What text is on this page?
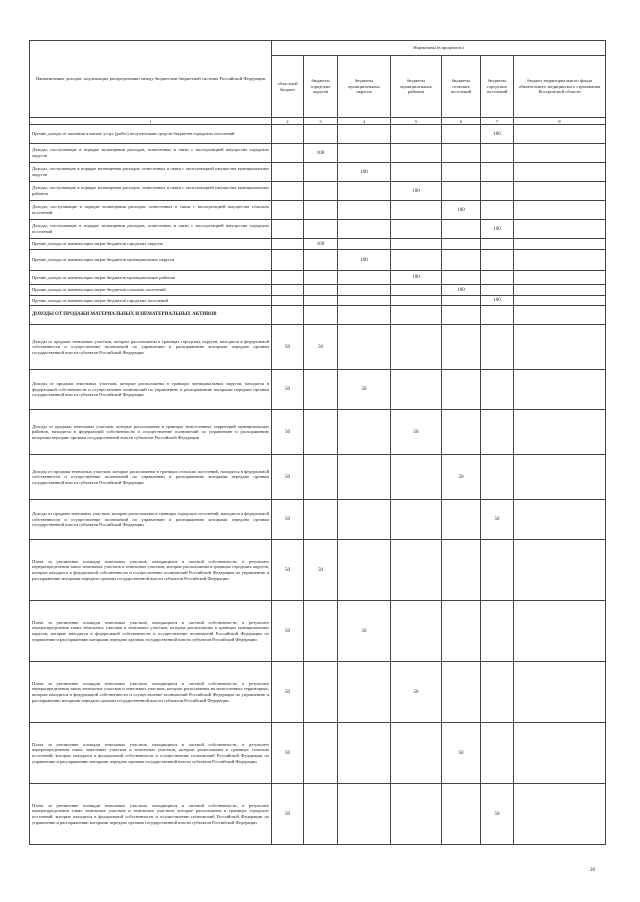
Наименование доходов, подлежащих распределению между бюджетами бюджетной системы Российской Федерации	Нормативы (в процентах)						
	областной бюджет	бюджеты городских округов	бюджеты муниципальных округов	бюджеты муниципальных районов	бюджеты сельских поселений	бюджеты городских поселений	бюджет территориального фонда обязательного медицинского страхования Костромской области
1	2	3	4	5	6	7	8
Прочие доходы от оказания платных услуг (работ) получателями средств бюджетов городских поселений						100	
Доходы, поступающие в порядке возмещения расходов, понесенных в связи с эксплуатацией имущества городских округов		100					
Доходы, поступающие в порядке возмещения расходов, понесенных в связи с эксплуатацией имущества муниципальных округов			100				
Доходы, поступающие в порядке возмещения расходов, понесенных в связи с эксплуатацией имущества муниципальных районов				100			
Доходы, поступающие в порядке возмещения расходов, понесенных в связи с эксплуатацией имущества сельских поселений					100		
Доходы, поступающие в порядке возмещения расходов, понесенных в связи с эксплуатацией имущества городских поселений						100	
Прочие доходы от компенсации затрат бюджетов городских округов		100					
Прочие доходы от компенсации затрат бюджетов муниципальных округов			100				
Прочие доходы от компенсации затрат бюджетов муниципальных районов				100			
Прочие доходы от компенсации затрат бюджетов сельских поселений					100		
Прочие доходы от компенсации затрат бюджетов городских поселений						100	
ДОХОДЫ ОТ ПРОДАЖИ МАТЕРИАЛЬНЫХ И НЕМАТЕРИАЛЬНЫХ АКТИВОВ							
Доходы от продажи земельных участков, которые расположены в границах городских округов, находятся в федеральной собственности и осуществление полномочий по управлению и распоряжению которыми передано органам государственной власти субъектов Российской Федерации	50	50					
Доходы от продажи земельных участков, которые расположены в границах муниципальных округов, находятся в федеральной собственности и осуществление полномочий по управлению и распоряжению которыми передано органам государственной власти субъектов Российской Федерации	50		50				
Доходы от продажи земельных участков, которые расположены в границах межселенных территорий муниципальных районов, находятся в федеральной собственности и осуществление полномочий по управлению и распоряжению которыми передано органам государственной власти субъектов Российской Федерации	50			50			
Доходы от продажи земельных участков, которые расположены в границах сельских поселений, находятся в федеральной собственности и осуществление полномочий по управлению и распоряжению которыми передано органам государственной власти субъектов Российской Федерации	50				50		
Доходы от продажи земельных участков, которые расположены в границах городских поселений, находятся в федеральной собственности и осуществление полномочий по управлению и распоряжению которыми передано органам государственной власти субъектов Российской Федерации	50					50	
Плата за увеличение площади земельных участков, находящихся в частной собственности, в результате перераспределения таких земельных участков и земельных участков, которые расположены в границах городских округов, которые находятся в федеральной собственности и осуществление полномочий Российской Федерации по управлению и распоряжению которыми передано органам государственной власти субъектов Российской Федерации	50	50					
Плата за увеличение площади земельных участков, находящихся в частной собственности, в результате перераспределения таких земельных участков и земельных участков, которые расположены в границах муниципальных округов, которые находятся в федеральной собственности и осуществление полномочий Российской Федерации по управлению и распоряжению которыми передано органам государственной власти субъектов Российской Федерации	50		50				
Плата за увеличение площади земельных участков, находящихся в частной собственности, в результате перераспределения таких земельных участков и земельных участков, которые расположены на межселенных территориях, которые находятся в федеральной собственности и осуществление полномочий Российской Федерации по управлению и распоряжению которыми передано органам государственной власти субъектов Российской Федерации	50			50			
Плата за увеличение площади земельных участков, находящихся в частной собственности, в результате перераспределения таких земельных участков и земельных участков, которые расположены в границах сельских поселений, которые находятся в федеральной собственности и осуществление полномочий Российской Федерации по управлению и распоряжению которыми передано органам государственной власти субъектов Российской Федерации	50				50		
Плата за увеличение площади земельных участков, находящихся в частной собственности, в результате перераспределения таких земельных участков и земельных участков, которые расположены в границах городских поселений, которые находятся в федеральной собственности и осуществление полномочий Российской Федерации по управлению и распоряжению которыми передано органам государственной власти субъектов Российской Федерации	50					50	
20
